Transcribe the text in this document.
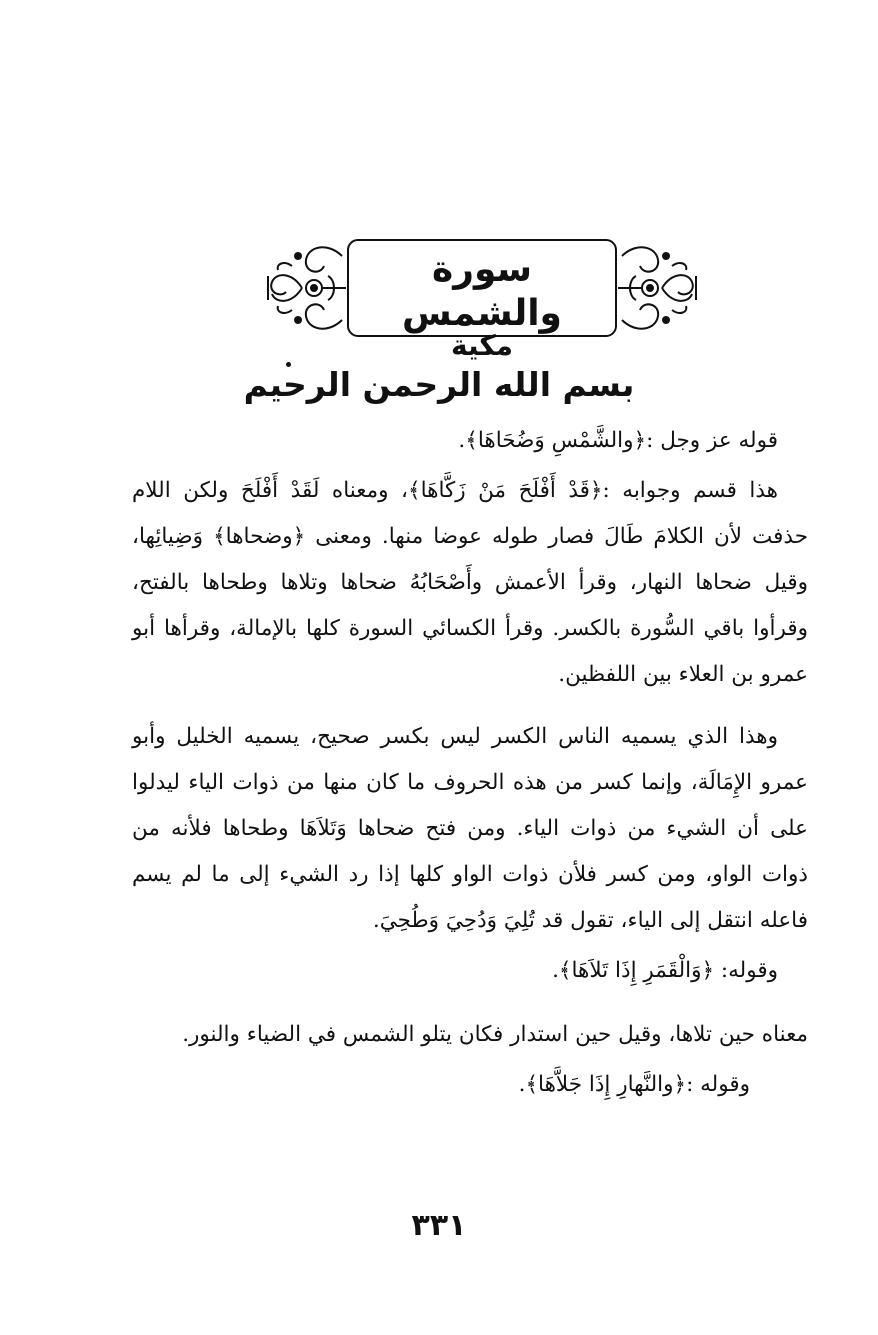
سورة والشمس
مكية
بسم الله الرحمن الرحيم

قوله عز وجل :﴿والشَّمْسِ وَضُحَاهَا﴾.

هذا قسم وجوابه :﴿قَدْ أَفْلَحَ مَنْ زَكَّاهَا﴾، ومعناه لَقَدْ أَفْلَحَ ولكن اللام حذفت لأن الكلامَ طَالَ فصار طوله عوضا منها. ومعنى ﴿وضحاها﴾ وَضِيائِها، وقيل ضحاها النهار، وقرأ الأعمش وأَصْحَابُهُ ضحاها وتلاها وطحاها بالفتح، وقرأوا باقي السُّورة بالكسر. وقرأ الكسائي السورة كلها بالإمالة، وقرأها أبو عمرو بن العلاء بين اللفظين.

وهذا الذي يسميه الناس الكسر ليس بكسر صحيح، يسميه الخليل وأبو عمرو الإِمَالَة، وإنما كسر من هذه الحروف ما كان منها من ذوات الياء ليدلوا على أن الشيء من ذوات الياء. ومن فتح ضحاها وَتَلاَهَا وطحاها فلأنه من ذوات الواو، ومن كسر فلأن ذوات الواو كلها إذا رد الشيء إلى ما لم يسم فاعله انتقل إلى الياء، تقول قد تُلِيَ وَدُحِيَ وَطُحِيَ.

وقوله: ﴿وَالْقَمَرِ إِذَا تَلاَهَا﴾.

معناه حين تلاها، وقيل حين استدار فكان يتلو الشمس في الضياء والنور.

وقوله :﴿والنَّهارِ إِذَا جَلاَّهَا﴾.

٣٣١
